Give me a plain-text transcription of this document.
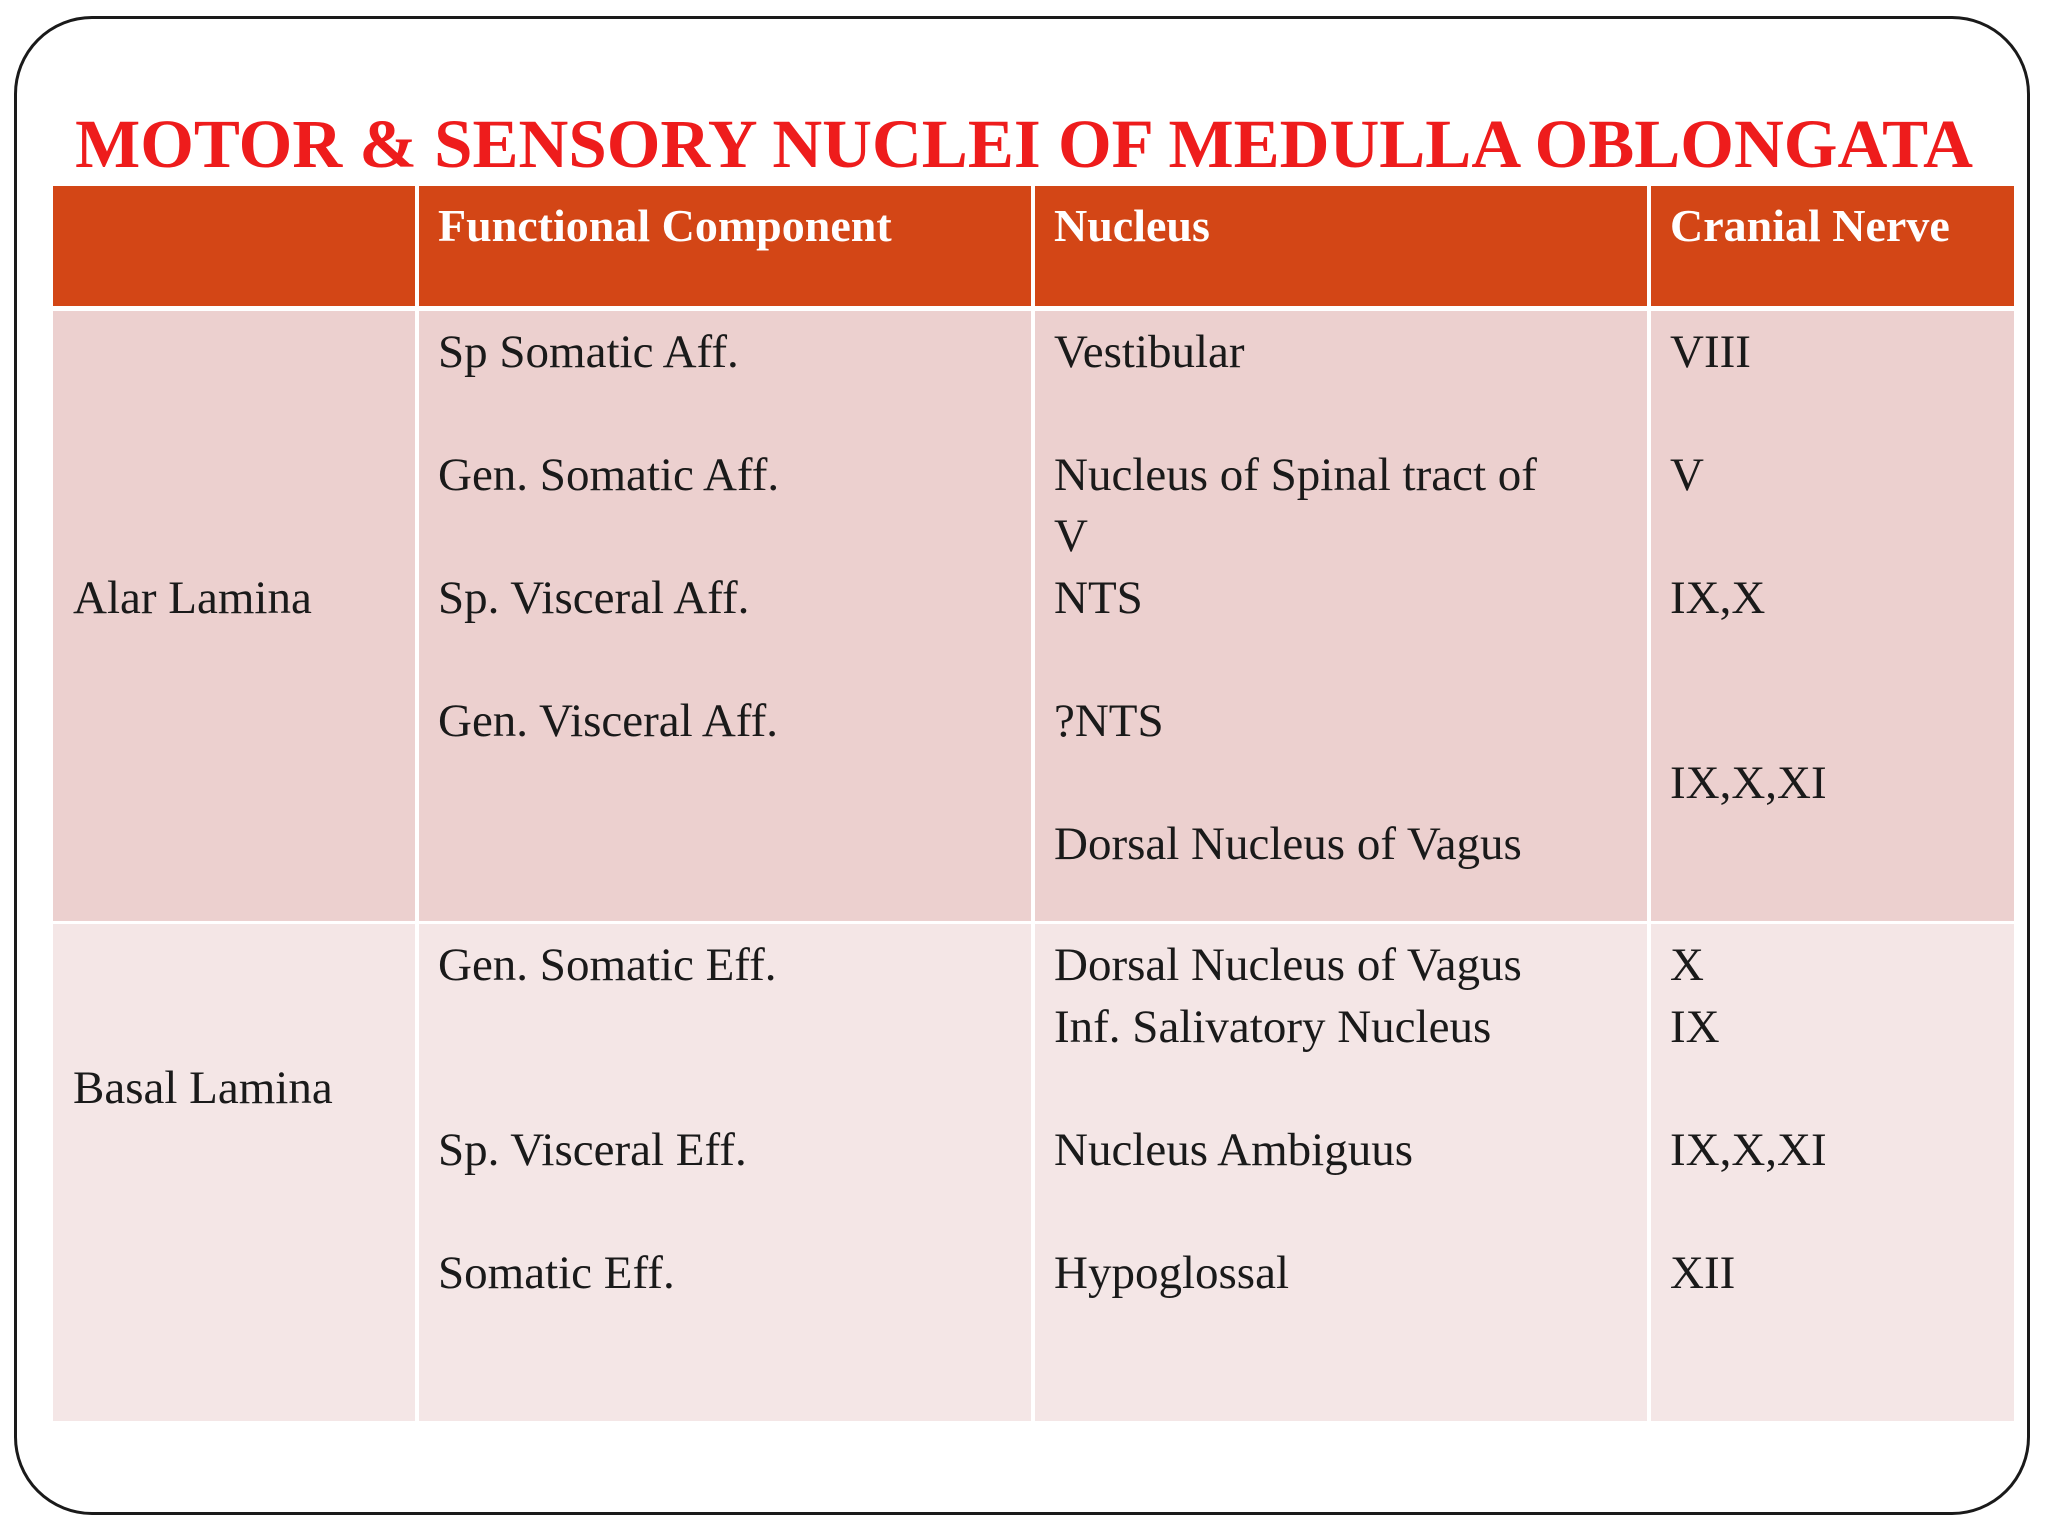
MOTOR & SENSORY NUCLEI OF MEDULLA OBLONGATA
Functional Component	Nucleus	Cranial Nerve
Alar Lamina
Sp Somatic Aff.
Gen. Somatic Aff.
Sp. Visceral Aff.
Gen. Visceral Aff.
Vestibular
Nucleus of Spinal tract of
V
NTS
?NTS
Dorsal Nucleus of Vagus
VIII
V
IX,X
IX,X,XI
Basal Lamina
Gen. Somatic Eff.
Sp. Visceral Eff.
Somatic Eff.
Dorsal Nucleus of Vagus
Inf. Salivatory Nucleus
Nucleus Ambiguus
Hypoglossal
X
IX
IX,X,XI
XII
